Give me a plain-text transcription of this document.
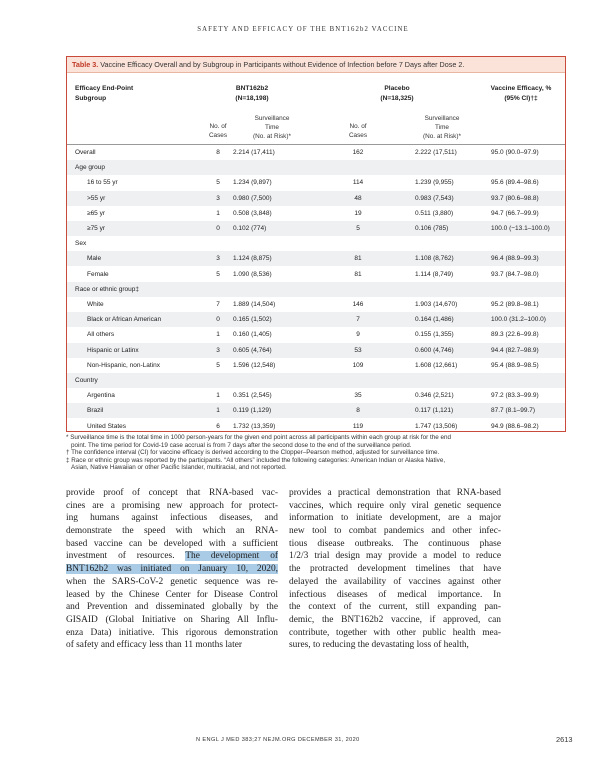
SAFETY AND EFFICACY OF THE BNT162b2 VACCINE
Table 3. Vaccine Efficacy Overall and by Subgroup in Participants without Evidence of Infection before 7 Days after Dose 2.
Efficacy End-Point
Subgroup
BNT162b2
(N=18,198)
Placebo
(N=18,325)
Vaccine Efficacy, %
(95% CI)†‡
No. of
Cases
Surveillance
Time
(No. at Risk)*
No. of
Cases
Surveillance
Time
(No. at Risk)*
Overall	8	2.214 (17,411)	162	2.222 (17,511)	95.0 (90.0–97.9)
Age group
16 to 55 yr	5	1.234 (9,897)	114	1.239 (9,955)	95.6 (89.4–98.6)
>55 yr	3	0.980 (7,500)	48	0.983 (7,543)	93.7 (80.6–98.8)
≥65 yr	1	0.508 (3,848)	19	0.511 (3,880)	94.7 (66.7–99.9)
≥75 yr	0	0.102 (774)	5	0.106 (785)	100.0 (−13.1–100.0)
Sex
Male	3	1.124 (8,875)	81	1.108 (8,762)	96.4 (88.9–99.3)
Female	5	1.090 (8,536)	81	1.114 (8,749)	93.7 (84.7–98.0)
Race or ethnic group‡
White	7	1.889 (14,504)	146	1.903 (14,670)	95.2 (89.8–98.1)
Black or African American	0	0.165 (1,502)	7	0.164 (1,486)	100.0 (31.2–100.0)
All others	1	0.160 (1,405)	9	0.155 (1,355)	89.3 (22.6–99.8)
Hispanic or Latinx	3	0.605 (4,764)	53	0.600 (4,746)	94.4 (82.7–98.9)
Non-Hispanic, non-Latinx	5	1.596 (12,548)	109	1.608 (12,661)	95.4 (88.9–98.5)
Country
Argentina	1	0.351 (2,545)	35	0.346 (2,521)	97.2 (83.3–99.9)
Brazil	1	0.119 (1,129)	8	0.117 (1,121)	87.7 (8.1–99.7)
United States	6	1.732 (13,359)	119	1.747 (13,506)	94.9 (88.6–98.2)

* Surveillance time is the total time in 1000 person-years for the given end point across all participants within each group at risk for the end

point. The time period for Covid-19 case accrual is from 7 days after the second dose to the end of the surveillance period.

† The confidence interval (CI) for vaccine efficacy is derived according to the Clopper–Pearson method, adjusted for surveillance time.

‡ Race or ethnic group was reported by the participants. “All others” included the following categories: American Indian or Alaska Native,

Asian, Native Hawaiian or other Pacific Islander, multiracial, and not reported.

provide proof of concept that RNA-based vac-
cines are a promising new approach for protect-
ing humans against infectious diseases, and
demonstrate the speed with which an RNA-
based vaccine can be developed with a sufficient
investment of resources. The development of
BNT162b2 was initiated on January 10, 2020,
when the SARS-CoV-2 genetic sequence was re-
leased by the Chinese Center for Disease Control
and Prevention and disseminated globally by the
GISAID (Global Initiative on Sharing All Influ-
enza Data) initiative. This rigorous demonstration
of safety and efficacy less than 11 months later
provides a practical demonstration that RNA-based
vaccines, which require only viral genetic sequence
information to initiate development, are a major
new tool to combat pandemics and other infec-
tious disease outbreaks. The continuous phase
1/2/3 trial design may provide a model to reduce
the protracted development timelines that have
delayed the availability of vaccines against other
infectious diseases of medical importance. In
the context of the current, still expanding pan-
demic, the BNT162b2 vaccine, if approved, can
contribute, together with other public health mea-
sures, to reducing the devastating loss of health,
N ENGL J MED 383;27 NEJM.ORG DECEMBER 31, 2020	2613
